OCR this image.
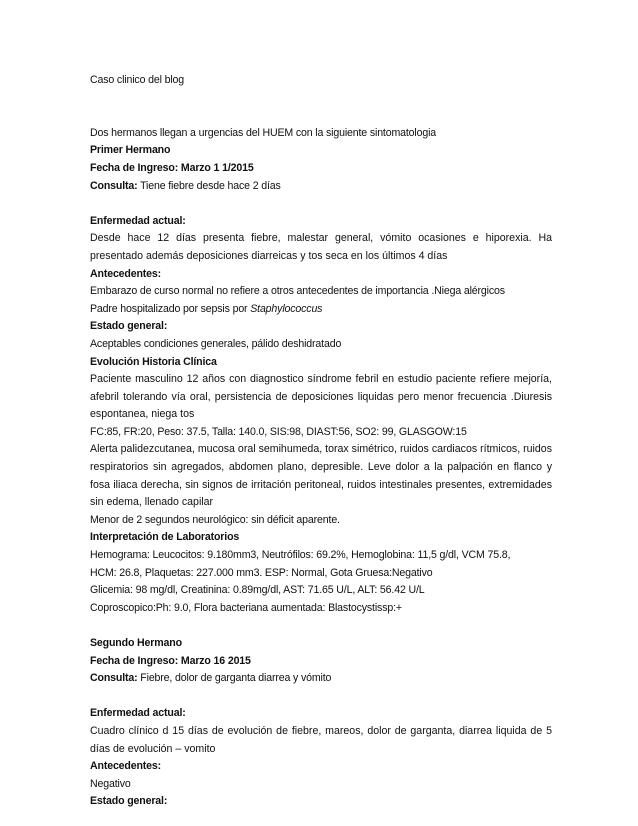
Caso clinico del blog
Dos hermanos llegan a urgencias del HUEM con la siguiente sintomatologia
Primer Hermano
Fecha de Ingreso: Marzo 1 1/2015
Consulta: Tiene fiebre desde hace 2 días
Enfermedad actual:

Desde hace 12 días presenta fiebre, malestar general, vómito ocasiones e hiporexia. Ha presentado además deposiciones diarreicas y tos seca en los últimos 4 días

Antecedentes:
Embarazo de curso normal no refiere a otros antecedentes de importancia .Niega alérgicos
Padre hospitalizado por sepsis por Staphylococcus
Estado general:
Aceptables condiciones generales, pálido deshidratado
Evolución Historia Clínica

Paciente masculino 12 años con diagnostico síndrome febril en estudio paciente refiere mejoría, afebril tolerando vía oral, persistencia de deposiciones liquidas pero menor frecuencia .Diuresis espontanea, niega tos

FC:85, FR:20, Peso: 37.5, Talla: 140.0, SIS:98, DIAST:56, SO2: 99, GLASGOW:15

Alerta palidezcutanea, mucosa oral semihumeda, torax simétrico, ruidos cardiacos rítmicos, ruidos respiratorios sin agregados, abdomen plano, depresible. Leve dolor a la palpación en flanco y fosa iliaca derecha, sin signos de irritación peritoneal, ruidos intestinales presentes, extremidades sin edema, llenado capilar

Menor de 2 segundos neurológico: sin déficit aparente.
Interpretación de Laboratorios
Hemograma: Leucocitos: 9.180mm3, Neutrófilos: 69.2%, Hemoglobina: 11,5 g/dl, VCM 75.8,
HCM: 26.8, Plaquetas: 227.000 mm3. ESP: Normal, Gota Gruesa:Negativo
Glicemia: 98 mg/dl, Creatinina: 0.89mg/dl, AST: 71.65 U/L, ALT: 56.42 U/L
Coproscopico:Ph: 9.0, Flora bacteriana aumentada: Blastocystissp:+
Segundo Hermano
Fecha de Ingreso: Marzo 16 2015
Consulta: Fiebre, dolor de garganta diarrea y vómito
Enfermedad actual:

Cuadro clínico d 15 días de evolución de fiebre, mareos, dolor de garganta, diarrea liquida de 5 días de evolución – vomito

Antecedentes:
Negativo
Estado general:
